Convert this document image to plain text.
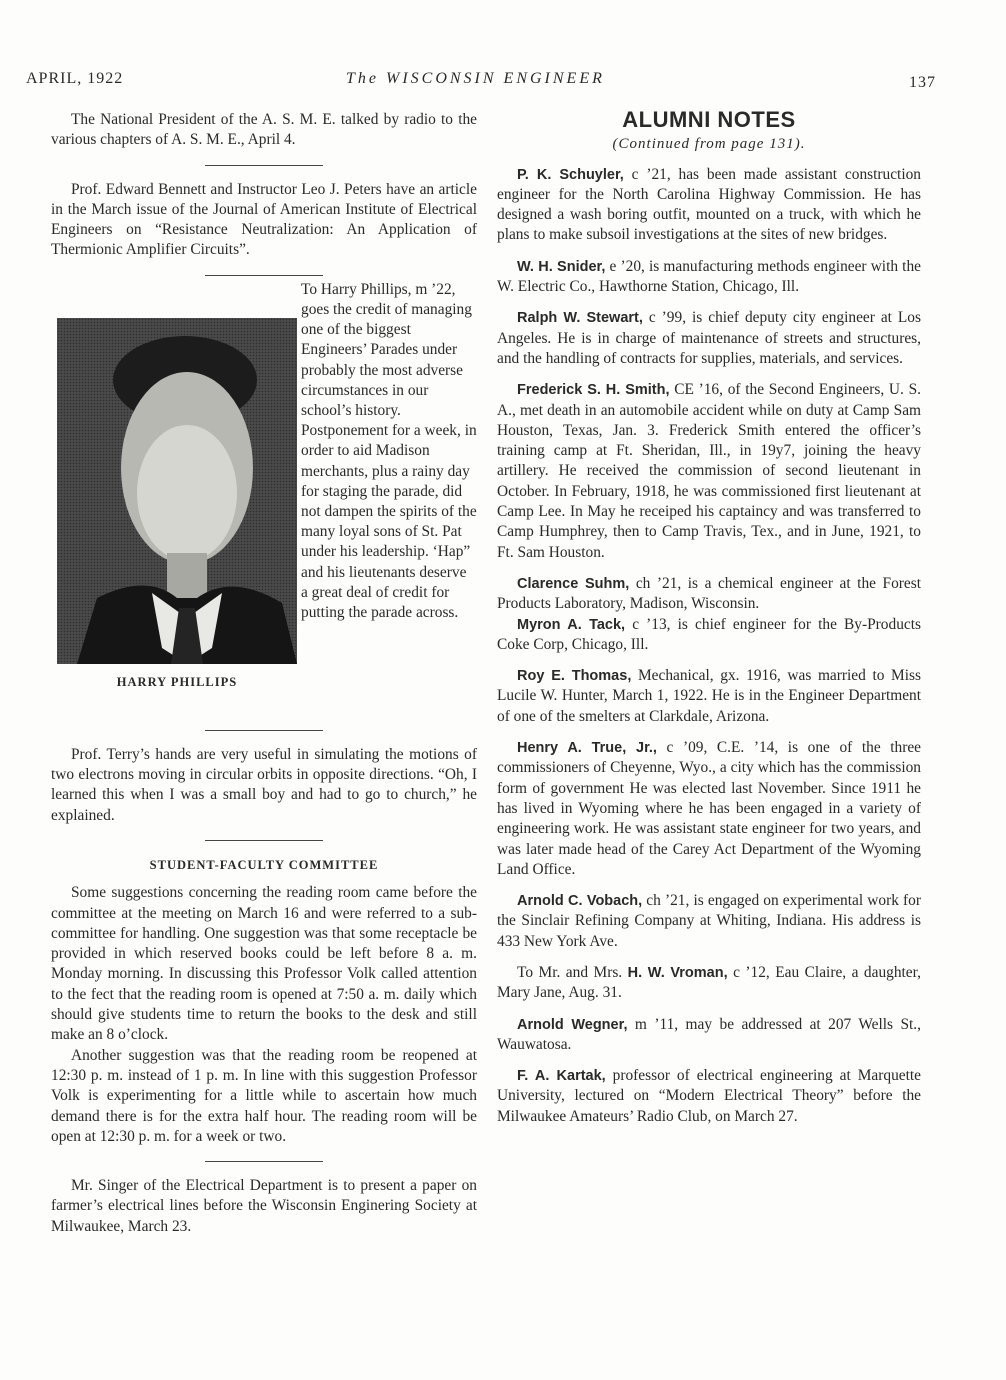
APRIL, 1922	The WISCONSIN ENGINEER	137

The National President of the A. S. M. E. talked by radio to the various chapters of A. S. M. E., April 4.

Prof. Edward Bennett and Instructor Leo J. Peters have an article in the March issue of the Journal of American Institute of Electrical Engineers on “Resistance Neutralization: An Application of Thermionic Amplifier Circuits”.

HARRY PHILLIPS
To Harry Phillips, m ’22, goes the credit of managing one of the biggest Engineers’ Parades under probably the most adverse circumstances in our school’s history. Postponement for a week, in order to aid Madison merchants, plus a rainy day for staging the parade, did not dampen the spirits of the many loyal sons of St. Pat under his leadership. ‘Hap” and his lieutenants deserve a great deal of credit for putting the parade across.

Prof. Terry’s hands are very useful in simulating the motions of two electrons moving in circular orbits in opposite directions. “Oh, I learned this when I was a small boy and had to go to church,” he explained.

STUDENT-FACULTY COMMITTEE

Some suggestions concerning the reading room came before the committee at the meeting on March 16 and were referred to a sub-committee for handling. One suggestion was that some receptacle be provided in which reserved books could be left before 8 a. m. Monday morning. In discussing this Professor Volk called attention to the fect that the reading room is opened at 7:50 a. m. daily which should give students time to return the books to the desk and still make an 8 o’clock.

Another suggestion was that the reading room be reopened at 12:30 p. m. instead of 1 p. m. In line with this suggestion Professor Volk is experimenting for a little while to ascertain how much demand there is for the extra half hour. The reading room will be open at 12:30 p. m. for a week or two.

Mr. Singer of the Electrical Department is to present a paper on farmer’s electrical lines before the Wisconsin Enginering Society at Milwaukee, March 23.

ALUMNI NOTES
(Continued from page 131).

P. K. Schuyler, c ’21, has been made assistant construction engineer for the North Carolina Highway Commission. He has designed a wash boring outfit, mounted on a truck, with which he plans to make subsoil investigations at the sites of new bridges.

W. H. Snider, e ’20, is manufacturing methods engineer with the W. Electric Co., Hawthorne Station, Chicago, Ill.

Ralph W. Stewart, c ’99, is chief deputy city engineer at Los Angeles. He is in charge of maintenance of streets and structures, and the handling of contracts for supplies, materials, and services.

Frederick S. H. Smith, CE ’16, of the Second Engineers, U. S. A., met death in an automobile accident while on duty at Camp Sam Houston, Texas, Jan. 3. Frederick Smith entered the officer’s training camp at Ft. Sheridan, Ill., in 19y7, joining the heavy artillery. He received the commission of second lieutenant in October. In February, 1918, he was commissioned first lieutenant at Camp Lee. In May he receiped his captaincy and was transferred to Camp Humphrey, then to Camp Travis, Tex., and in June, 1921, to Ft. Sam Houston.

Clarence Suhm, ch ’21, is a chemical engineer at the Forest Products Laboratory, Madison, Wisconsin.

Myron A. Tack, c ’13, is chief engineer for the By-Products Coke Corp, Chicago, Ill.

Roy E. Thomas, Mechanical, gx. 1916, was married to Miss Lucile W. Hunter, March 1, 1922. He is in the Engineer Department of one of the smelters at Clarkdale, Arizona.

Henry A. True, Jr., c ’09, C.E. ’14, is one of the three commissioners of Cheyenne, Wyo., a city which has the commission form of government He was elected last November. Since 1911 he has lived in Wyoming where he has been engaged in a variety of engineering work. He was assistant state engineer for two years, and was later made head of the Carey Act Department of the Wyoming Land Office.

Arnold C. Vobach, ch ’21, is engaged on experimental work for the Sinclair Refining Company at Whiting, Indiana. His address is 433 New York Ave.

To Mr. and Mrs. H. W. Vroman, c ’12, Eau Claire, a daughter, Mary Jane, Aug. 31.

Arnold Wegner, m ’11, may be addressed at 207 Wells St., Wauwatosa.

F. A. Kartak, professor of electrical engineering at Marquette University, lectured on “Modern Electrical Theory” before the Milwaukee Amateurs’ Radio Club, on March 27.
